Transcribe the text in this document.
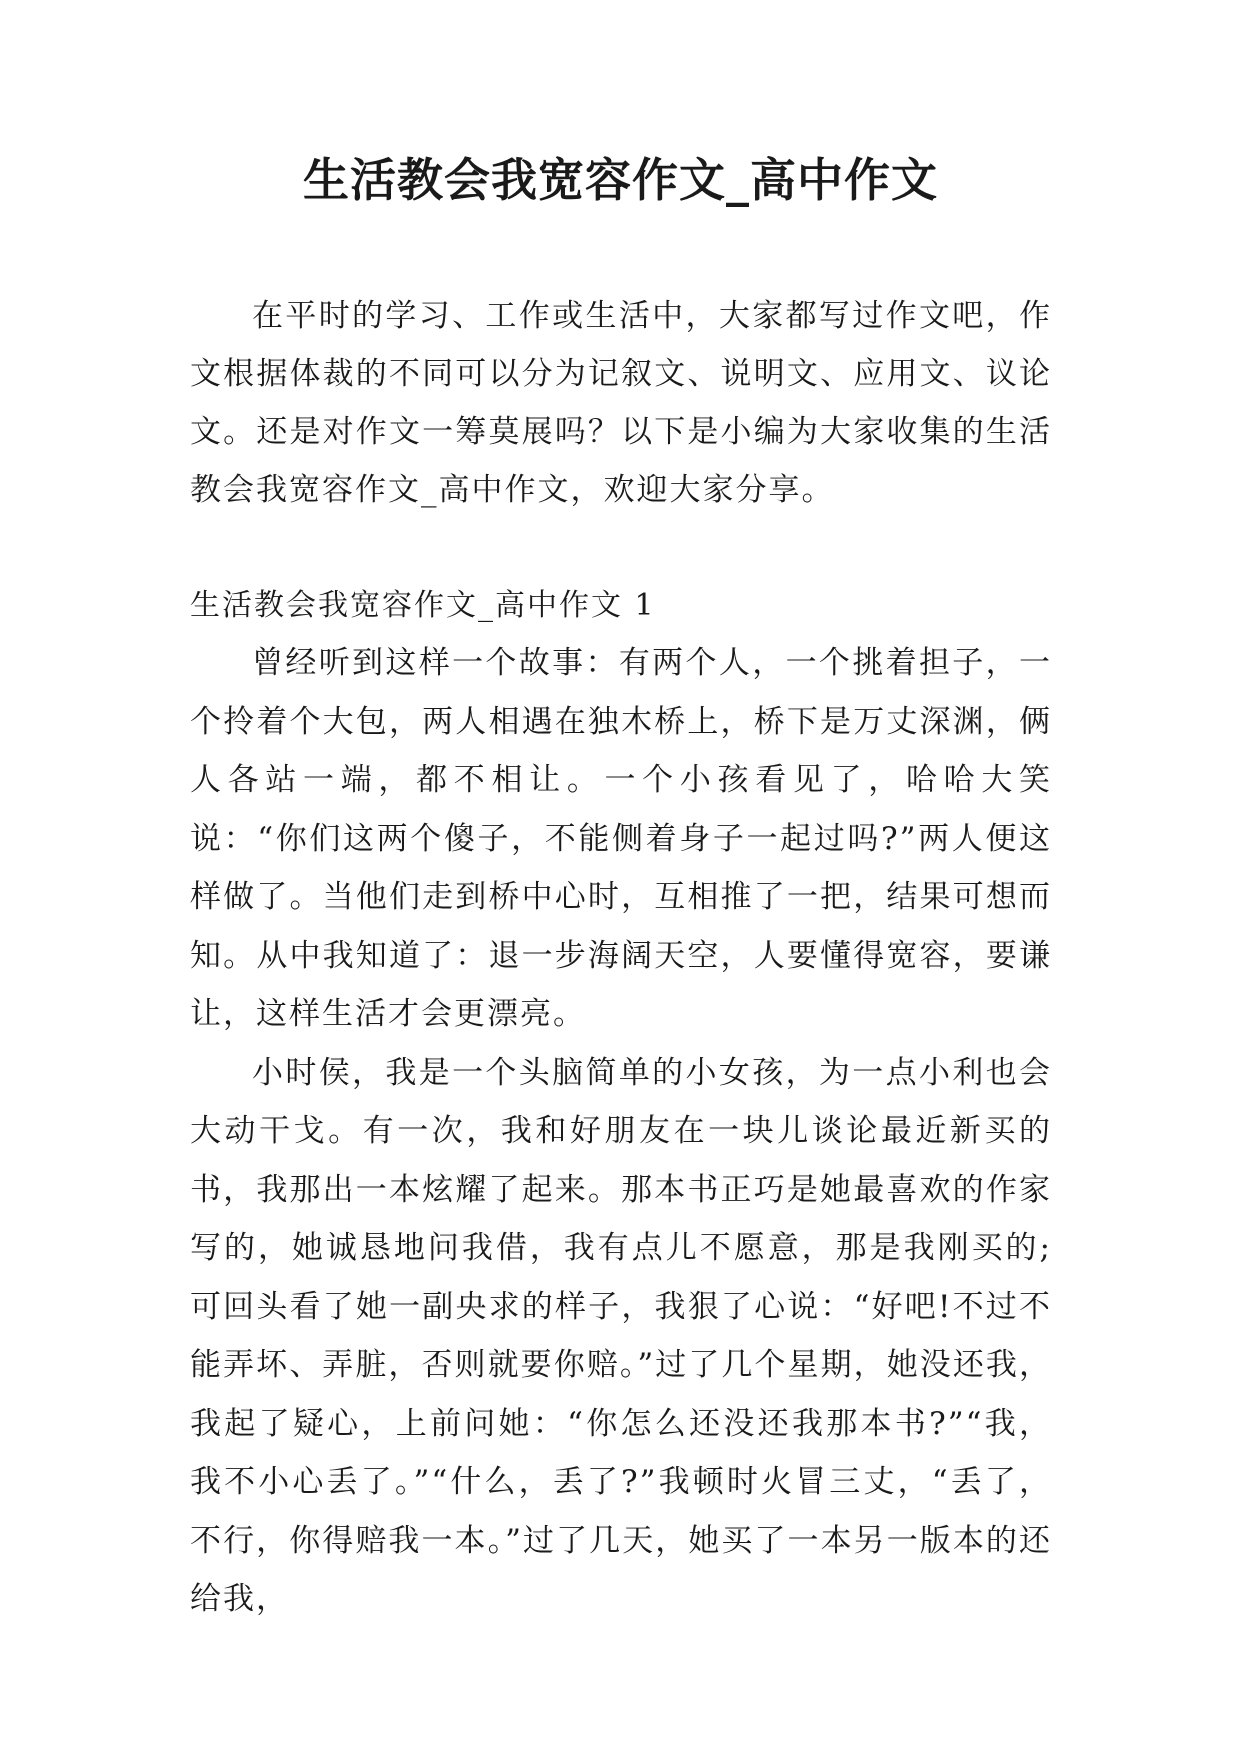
生活教会我宽容作文_高中作文

在平时的学习、工作或生活中，大家都写过作文吧，作文根据体裁的不同可以分为记叙文、说明文、应用文、议论文。还是对作文一筹莫展吗？以下是小编为大家收集的生活教会我宽容作文_高中作文，欢迎大家分享。

生活教会我宽容作文_高中作文 1

曾经听到这样一个故事：有两个人，一个挑着担子，一个拎着个大包，两人相遇在独木桥上，桥下是万丈深渊，俩人各站一端，都不相让。一个小孩看见了，哈哈大笑说：“你们这两个傻子，不能侧着身子一起过吗?”两人便这样做了。当他们走到桥中心时，互相推了一把，结果可想而知。从中我知道了：退一步海阔天空，人要懂得宽容，要谦让，这样生活才会更漂亮。

小时侯，我是一个头脑简单的小女孩，为一点小利也会大动干戈。有一次，我和好朋友在一块儿谈论最近新买的书，我那出一本炫耀了起来。那本书正巧是她最喜欢的作家写的，她诚恳地问我借，我有点儿不愿意，那是我刚买的;可回头看了她一副央求的样子，我狠了心说：“好吧!不过不能弄坏、弄脏，否则就要你赔。”过了几个星期，她没还我，我起了疑心，上前问她：“你怎么还没还我那本书?”“我，我不小心丢了。”“什么，丢了?”我顿时火冒三丈，“丢了，不行，你得赔我一本。”过了几天，她买了一本另一版本的还给我，
